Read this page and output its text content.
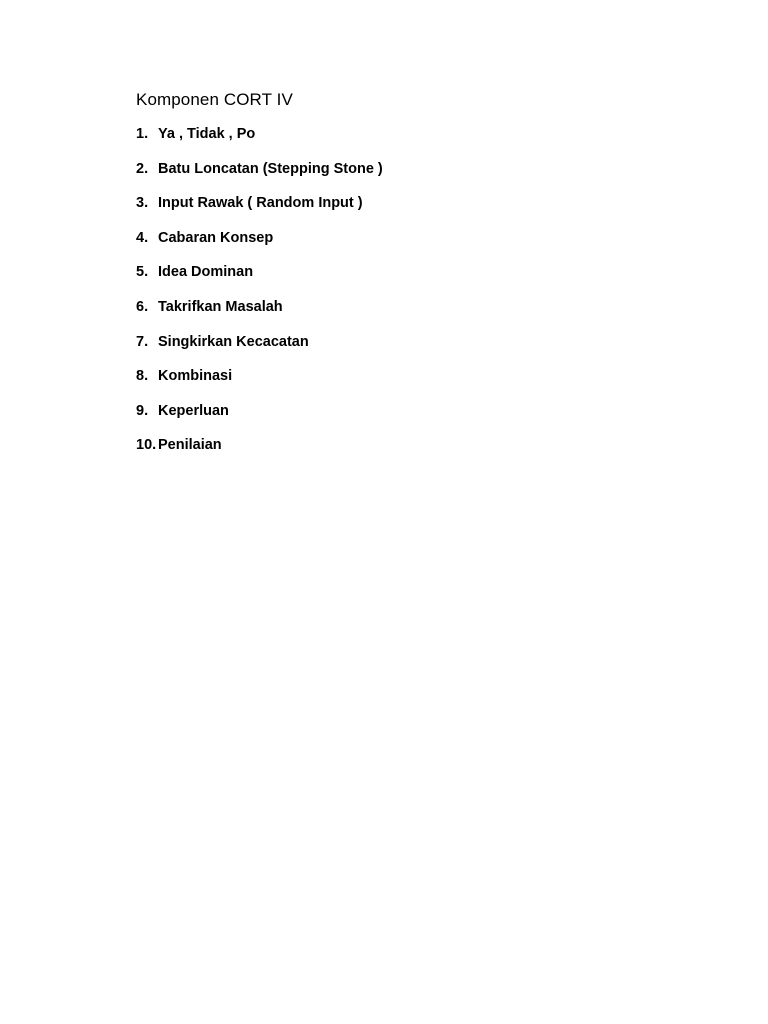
Komponen CORT IV
1. Ya , Tidak , Po
2. Batu Loncatan (Stepping Stone )
3. Input Rawak ( Random Input )
4. Cabaran Konsep
5. Idea Dominan
6. Takrifkan Masalah
7. Singkirkan Kecacatan
8. Kombinasi
9. Keperluan
10. Penilaian
